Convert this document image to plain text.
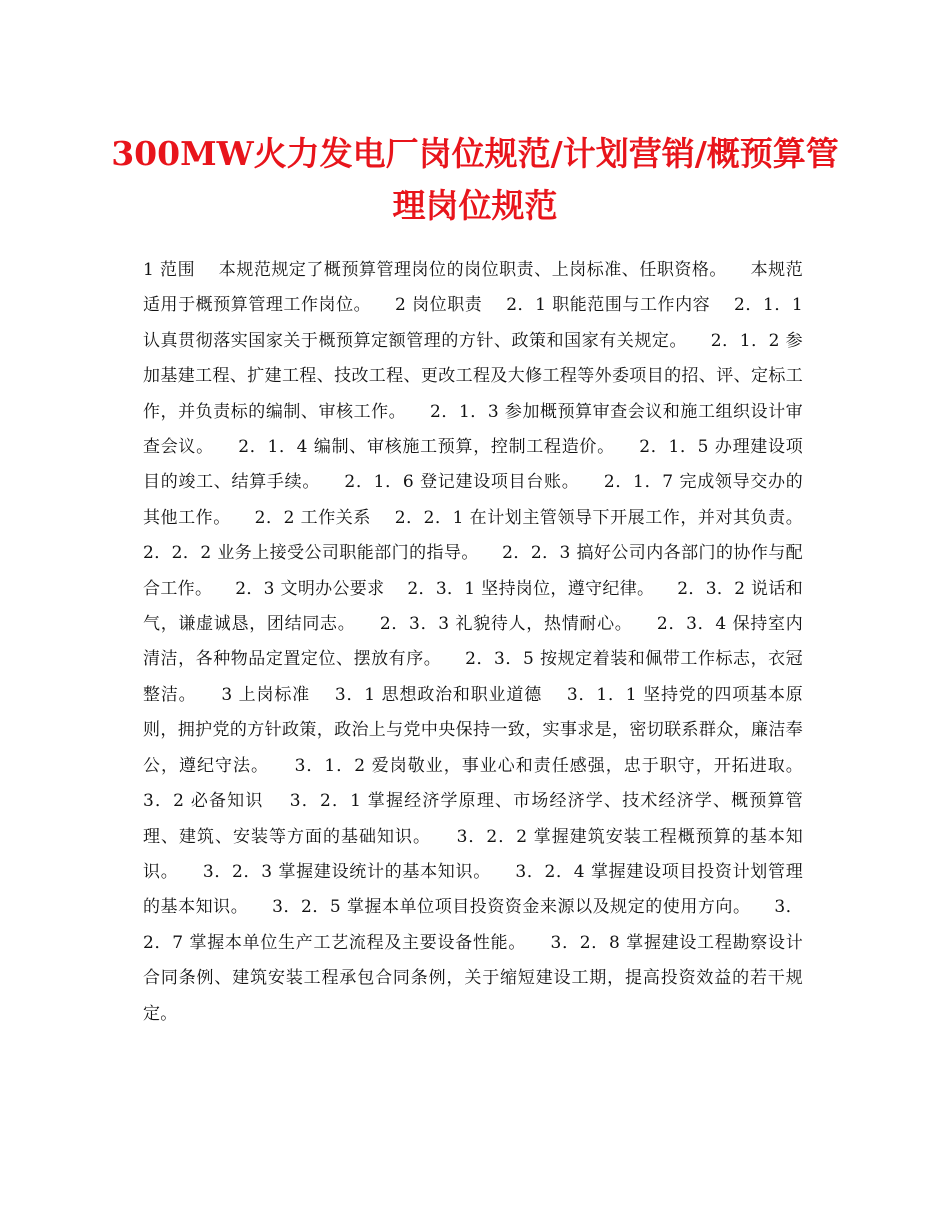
300MW火力发电厂岗位规范/计划营销/概预算管理岗位规范

1 范围    本规范规定了概预算管理岗位的岗位职责、上岗标准、任职资格。    本规范适用于概预算管理工作岗位。    2 岗位职责    2．1 职能范围与工作内容    2．1．1 认真贯彻落实国家关于概预算定额管理的方针、政策和国家有关规定。    2．1．2 参加基建工程、扩建工程、技改工程、更改工程及大修工程等外委项目的招、评、定标工作，并负责标的编制、审核工作。    2．1．3 参加概预算审查会议和施工组织设计审查会议。    2．1．4 编制、审核施工预算，控制工程造价。    2．1．5 办理建设项目的竣工、结算手续。    2．1．6 登记建设项目台账。    2．1．7 完成领导交办的其他工作。    2．2 工作关系    2．2．1 在计划主管领导下开展工作，并对其负责。    2．2．2 业务上接受公司职能部门的指导。    2．2．3 搞好公司内各部门的协作与配合工作。    2．3 文明办公要求    2．3．1 坚持岗位，遵守纪律。    2．3．2 说话和气，谦虚诚恳，团结同志。    2．3．3 礼貌待人，热情耐心。    2．3．4 保持室内清洁，各种物品定置定位、摆放有序。    2．3．5 按规定着装和佩带工作标志，衣冠整洁。    3 上岗标准    3．1 思想政治和职业道德    3．1．1 坚持党的四项基本原则，拥护党的方针政策，政治上与党中央保持一致，实事求是，密切联系群众，廉洁奉公，遵纪守法。    3．1．2 爱岗敬业，事业心和责任感强，忠于职守，开拓进取。    3．2 必备知识    3．2．1 掌握经济学原理、市场经济学、技术经济学、概预算管理、建筑、安装等方面的基础知识。    3．2．2 掌握建筑安装工程概预算的基本知识。    3．2．3 掌握建设统计的基本知识。    3．2．4 掌握建设项目投资计划管理的基本知识。    3．2．5 掌握本单位项目投资资金来源以及规定的使用方向。    3．2．7 掌握本单位生产工艺流程及主要设备性能。    3．2．8 掌握建设工程勘察设计合同条例、建筑安装工程承包合同条例，关于缩短建设工期，提高投资效益的若干规定。
